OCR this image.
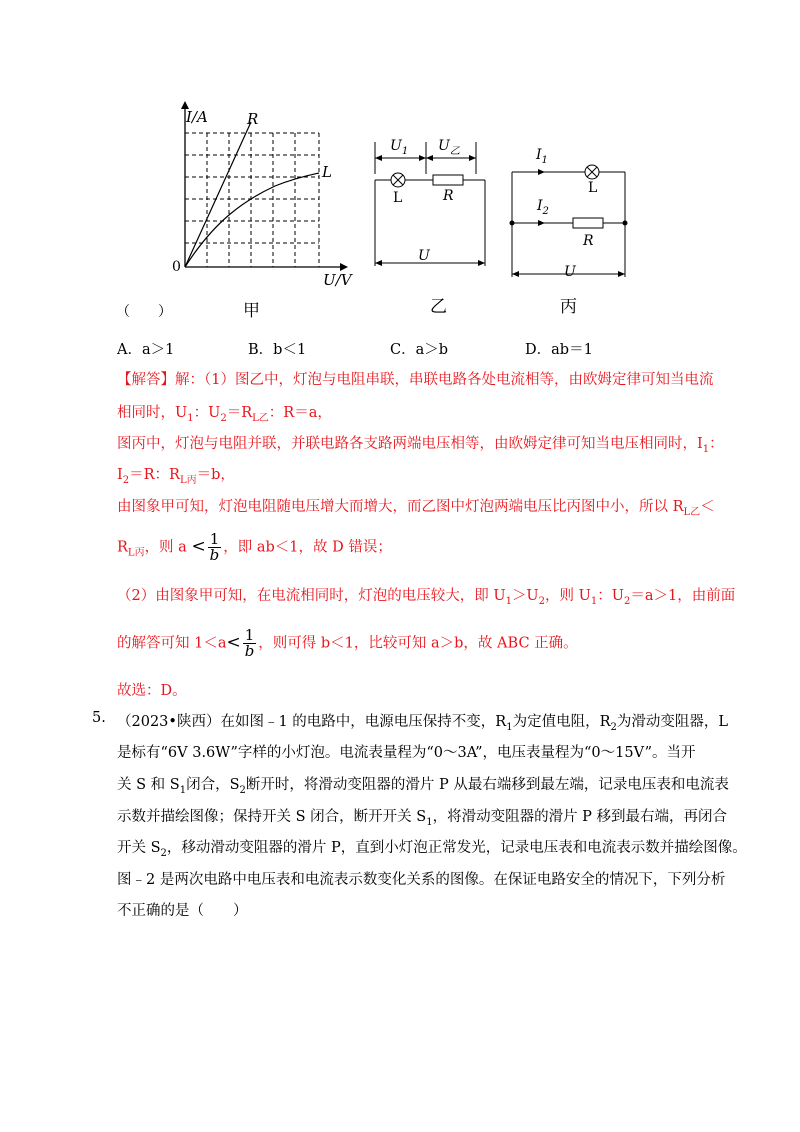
I/A	R
L
0
U/V
甲
$U_1$ $U_乙$
L	R
U
乙
$I_1$
$I_2$
L
R
U
丙
（　　）
A．a＞1	B．b＜1	C．a＞b	D．ab＝1
【解答】解：（1）图乙中，灯泡与电阻串联，串联电路各处电流相等，由欧姆定律可知当电流
相同时，$U_1$：$U_2=R_{L乙}$：R＝a，
图丙中，灯泡与电阻并联，并联电路各支路两端电压相等，由欧姆定律可知当电压相同时，$I_1$：
$I_2=R$：$R_{L丙}=b$，
由图象甲可知，灯泡电阻随电压增大而增大，而乙图中灯泡两端电压比丙图中小，所以 $R_{L乙}<$
$R_{L丙}$，则 $a < \frac{1}{b}$ ，即 ab＜1，故 D 错误；
（2）由图象甲可知，在电流相同时，灯泡的电压较大，即 $U_1>U_2$，则 $U_1$：$U_2=a>1$，由前面
的解答可知 $1<a< \frac{1}{b}$ ，则可得 b＜1，比较可知 a＞b，故 ABC 正确。
故选：D。
5. （2023•陕西）在如图﹣1 的电路中，电源电压保持不变，$R_1$为定值电阻，$R_2$为滑动变阻器，L
是标有“6V 3.6W”字样的小灯泡。电流表量程为“0～3A”，电压表量程为“0～15V”。当开
关 S 和 $S_1$闭合，$S_2$断开时，将滑动变阻器的滑片 P 从最右端移到最左端，记录电压表和电流表
示数并描绘图像；保持开关 S 闭合，断开开关 $S_1$，将滑动变阻器的滑片 P 移到最右端，再闭合
开关 $S_2$，移动滑动变阻器的滑片 P，直到小灯泡正常发光，记录电压表和电流表示数并描绘图像。
图﹣2 是两次电路中电压表和电流表示数变化关系的图像。在保证电路安全的情况下，下列分析
不正确的是（　　）
